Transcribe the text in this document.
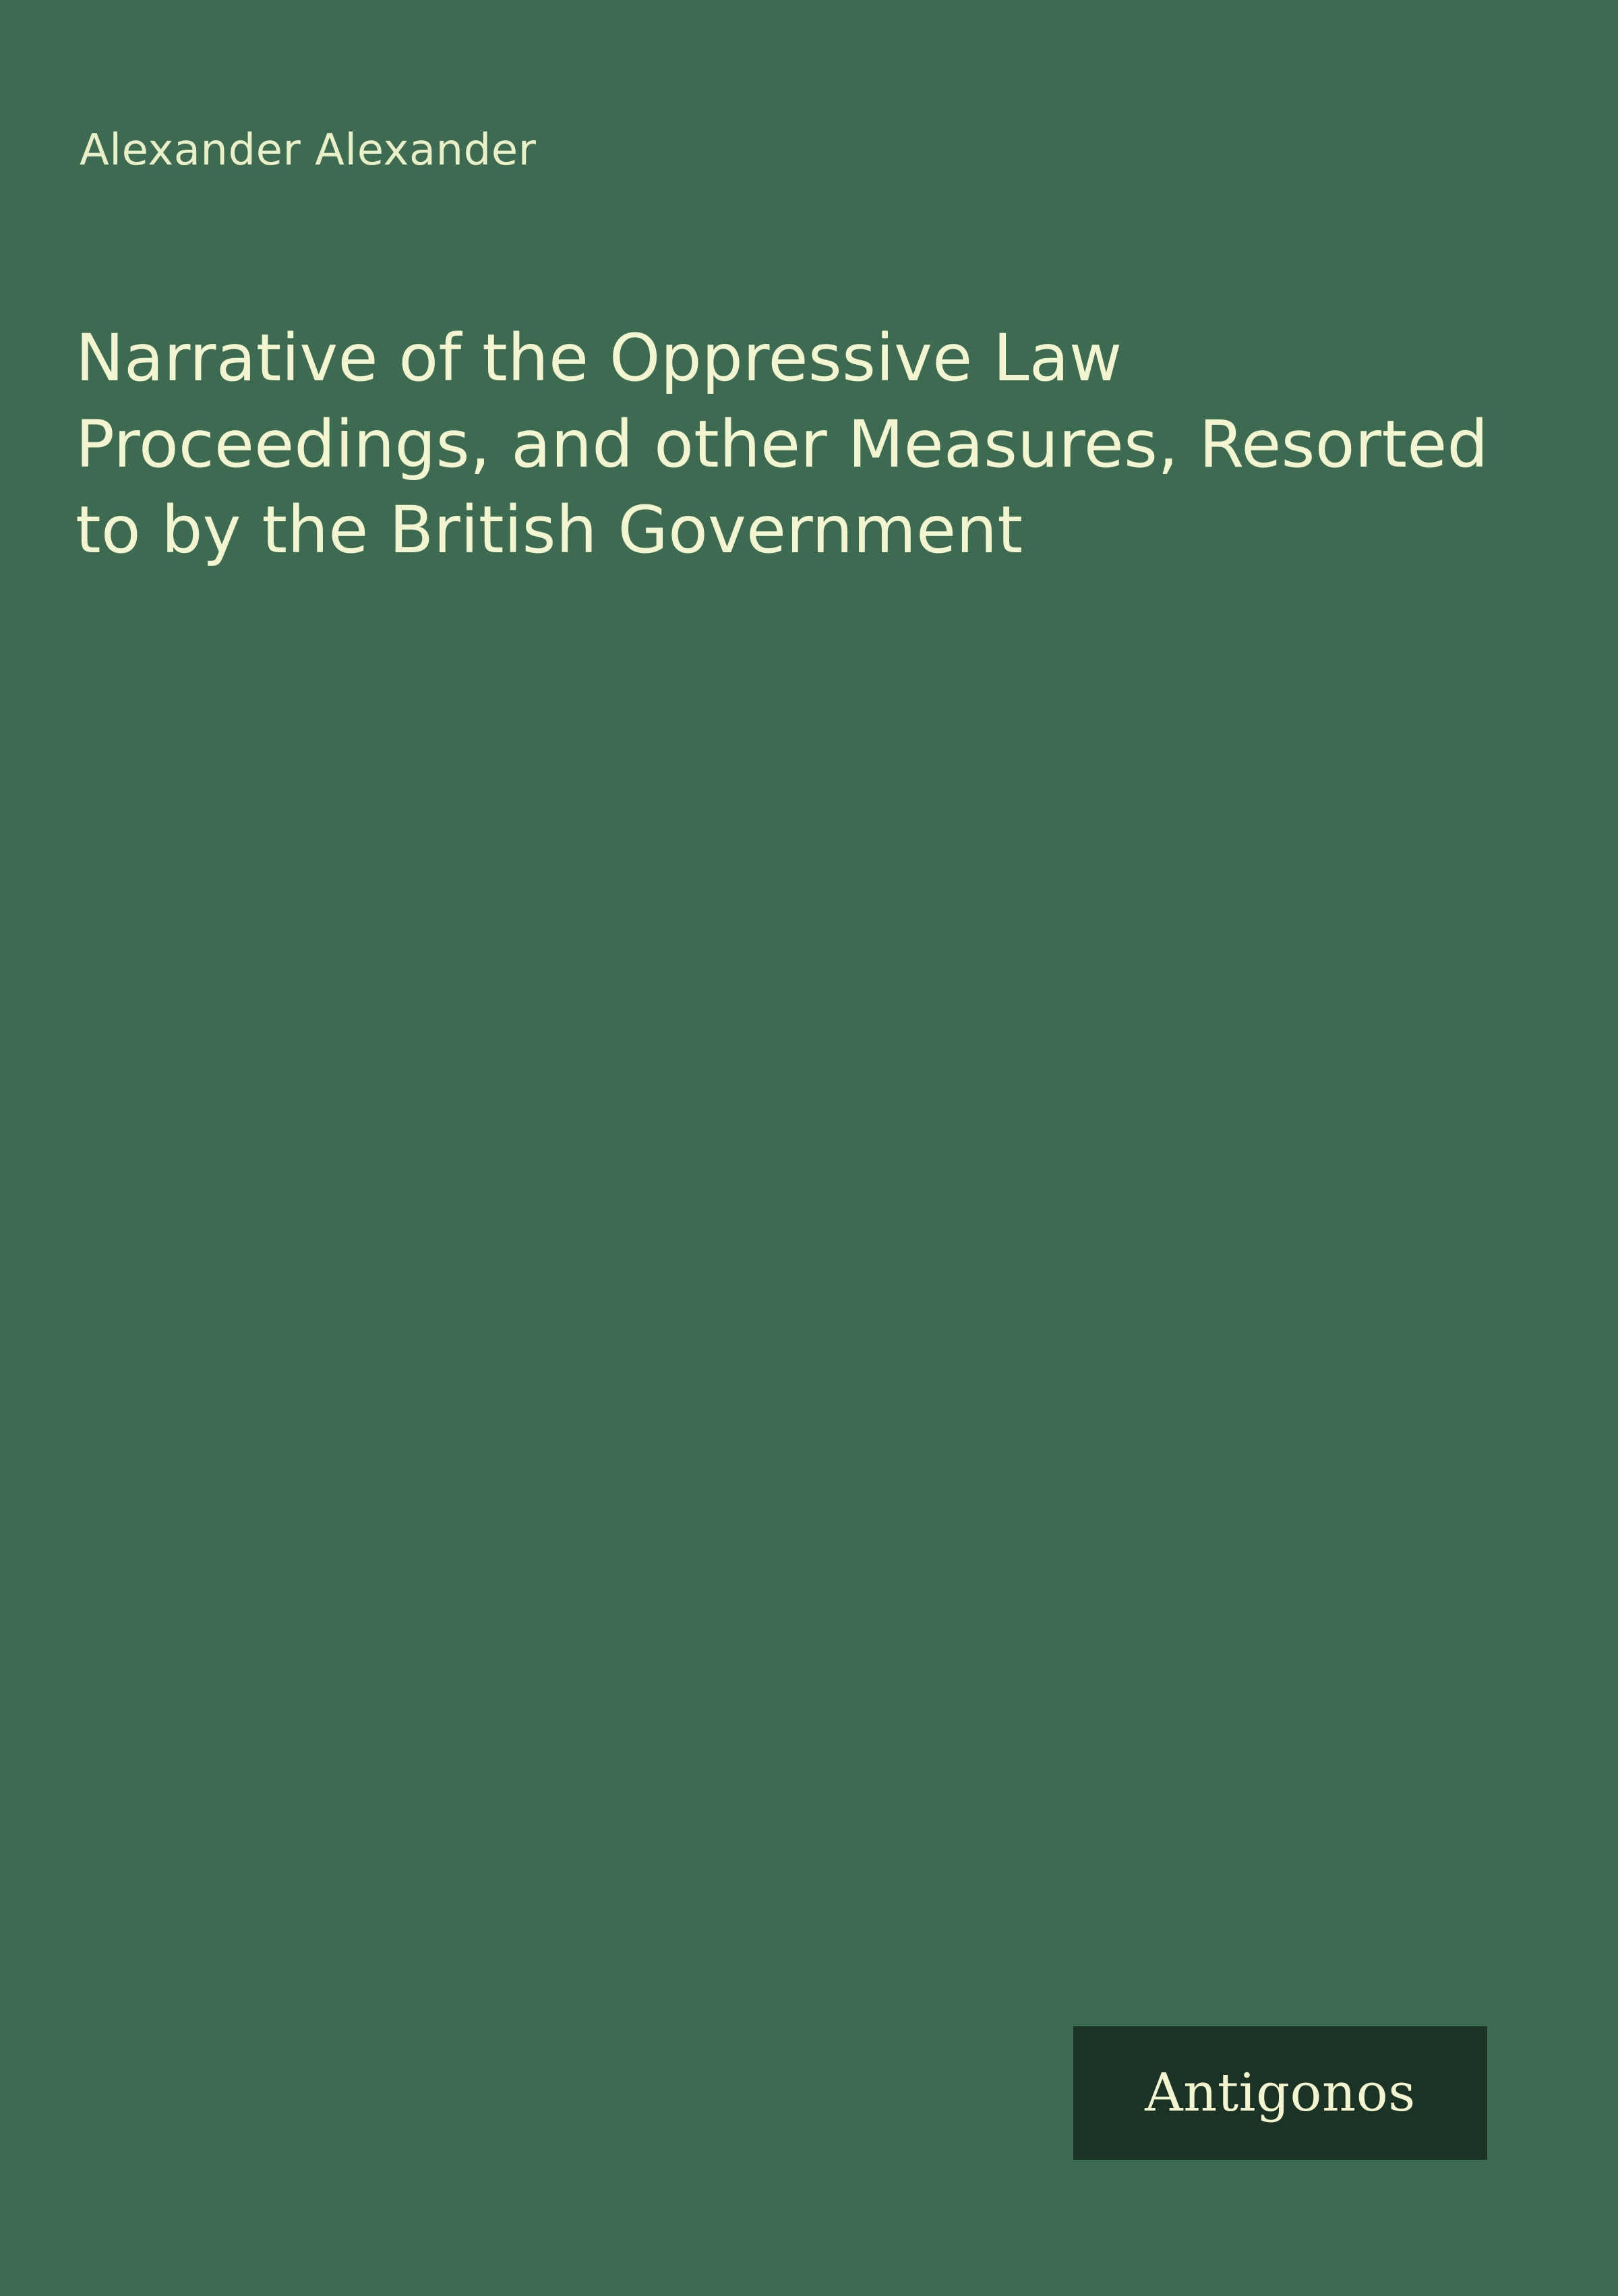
Alexander Alexander
Narrative of the Oppressive Law Proceedings, and other Measures, Resorted to by the British Government
Antigonos
